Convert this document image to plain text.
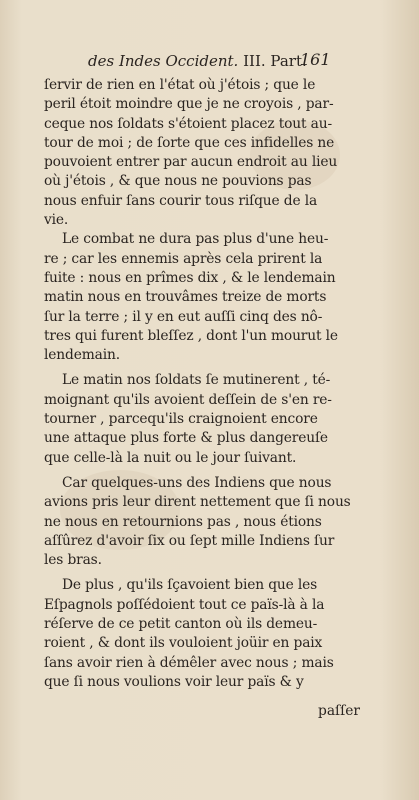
des Indes Occident. III. Part.
161
ſervir de rien en l'état où j'étois ; que le
peril étoit moindre que je ne croyois , par-
ceque nos ſoldats s'étoient placez tout au-
tour de moi ; de ſorte que ces infidelles ne
pouvoient entrer par aucun endroit au lieu
où j'étois , & que nous ne pouvions pas
nous enfuir ſans courir tous riſque de la
vie.
Le combat ne dura pas plus d'une heu-
re ; car les ennemis après cela prirent la
fuite : nous en prîmes dix , & le lendemain
matin nous en trouvâmes treize de morts
ſur la terre ; il y en eut auſſi cinq des nô-
tres qui furent bleſſez , dont l'un mourut le
lendemain.
Le matin nos ſoldats ſe mutinerent , té-
moignant qu'ils avoient deſſein de s'en re-
tourner , parcequ'ils craignoient encore
une attaque plus forte & plus dangereuſe
que celle-là la nuit ou le jour ſuivant.
Car quelques-uns des Indiens que nous
avions pris leur dirent nettement que ſi nous
ne nous en retournions pas , nous étions
aſſûrez d'avoir ſix ou ſept mille Indiens ſur
les bras.
De plus , qu'ils ſçavoient bien que les
Eſpagnols poſſédoient tout ce païs-là à la
réſerve de ce petit canton où ils demeu-
roient , & dont ils vouloient joüir en paix
ſans avoir rien à démêler avec nous ; mais
que ſi nous voulions voir leur païs & y
paſſer
